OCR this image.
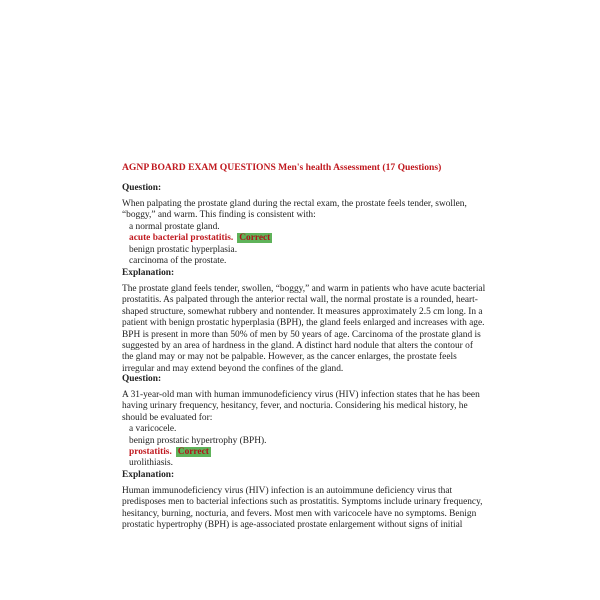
AGNP BOARD EXAM QUESTIONS Men's health Assessment (17 Questions)
Question:
When palpating the prostate gland during the rectal exam, the prostate feels tender, swollen,
“boggy,” and warm. This finding is consistent with:
a normal prostate gland.
acute bacterial prostatitis. Correct
benign prostatic hyperplasia.
carcinoma of the prostate.
Explanation:
The prostate gland feels tender, swollen, “boggy,” and warm in patients who have acute bacterial
prostatitis. As palpated through the anterior rectal wall, the normal prostate is a rounded, heart-
shaped structure, somewhat rubbery and nontender. It measures approximately 2.5 cm long. In a
patient with benign prostatic hyperplasia (BPH), the gland feels enlarged and increases with age.
BPH is present in more than 50% of men by 50 years of age. Carcinoma of the prostate gland is
suggested by an area of hardness in the gland. A distinct hard nodule that alters the contour of
the gland may or may not be palpable. However, as the cancer enlarges, the prostate feels
irregular and may extend beyond the confines of the gland.
Question:
A 31-year-old man with human immunodeficiency virus (HIV) infection states that he has been
having urinary frequency, hesitancy, fever, and nocturia. Considering his medical history, he
should be evaluated for:
a varicocele.
benign prostatic hypertrophy (BPH).
prostatitis. Correct
urolithiasis.
Explanation:
Human immunodeficiency virus (HIV) infection is an autoimmune deficiency virus that
predisposes men to bacterial infections such as prostatitis. Symptoms include urinary frequency,
hesitancy, burning, nocturia, and fevers. Most men with varicocele have no symptoms. Benign
prostatic hypertrophy (BPH) is age-associated prostate enlargement without signs of initial
